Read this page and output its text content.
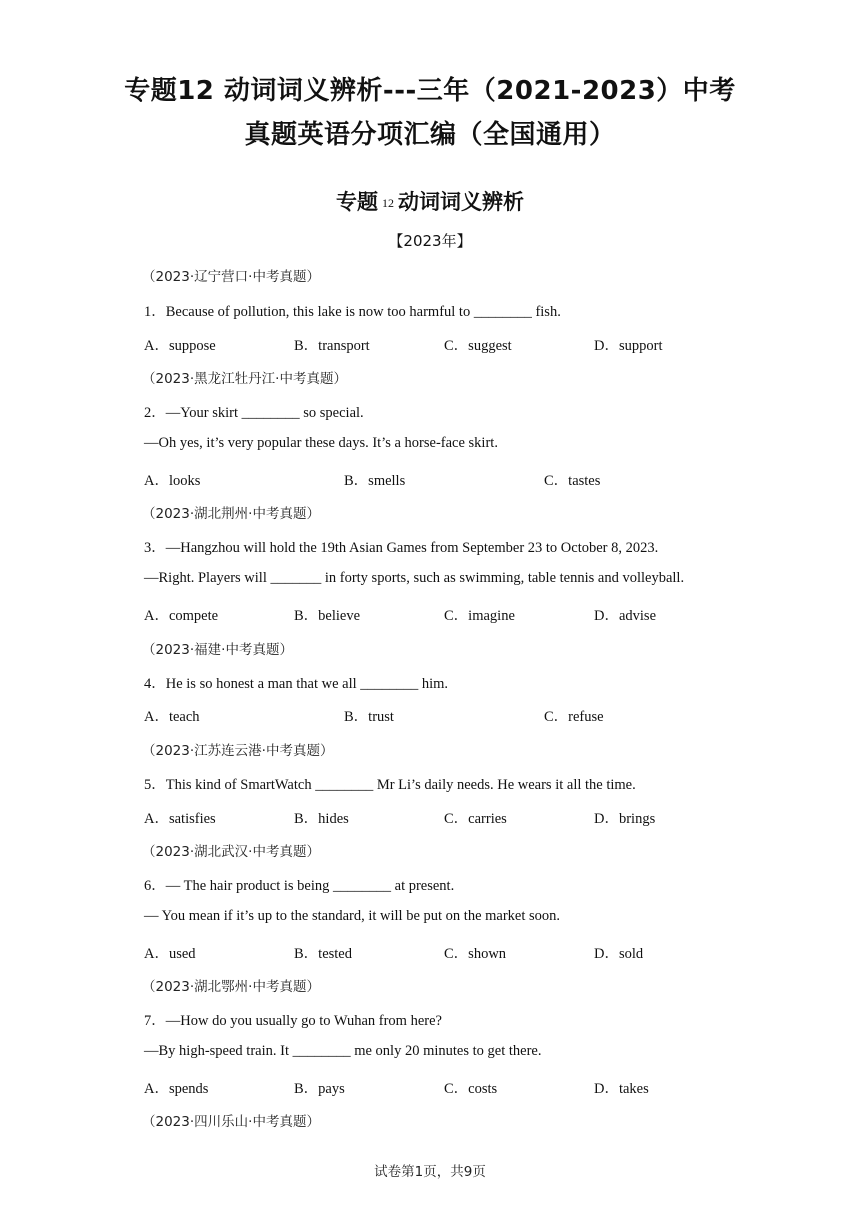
专题12 动词词义辨析---三年（2021-2023）中考
真题英语分项汇编（全国通用）
专题 12 动词词义辨析
【2023年】
（2023·辽宁营口·中考真题）
1．Because of pollution, this lake is now too harmful to ________ fish.
A．suppose	B．transport	C．suggest	D．support
（2023·黑龙江牡丹江·中考真题）
2．—Your skirt ________ so special.
—Oh yes, it’s very popular these days. It’s a horse-face skirt.
A．looks	B．smells	C．tastes
（2023·湖北荆州·中考真题）
3．—Hangzhou will hold the 19th Asian Games from September 23 to October 8, 2023.
—Right. Players will _______ in forty sports, such as swimming, table tennis and volleyball.
A．compete	B．believe	C．imagine	D．advise
（2023·福建·中考真题）
4．He is so honest a man that we all ________ him.
A．teach	B．trust	C．refuse
（2023·江苏连云港·中考真题）
5．This kind of SmartWatch ________ Mr Li’s daily needs. He wears it all the time.
A．satisfies	B．hides	C．carries	D．brings
（2023·湖北武汉·中考真题）
6．— The hair product is being ________ at present.
— You mean if it’s up to the standard, it will be put on the market soon.
A．used	B．tested	C．shown	D．sold
（2023·湖北鄂州·中考真题）
7．—How do you usually go to Wuhan from here?
—By high-speed train. It ________ me only 20 minutes to get there.
A．spends	B．pays	C．costs	D．takes
（2023·四川乐山·中考真题）
试卷第1页，共9页
